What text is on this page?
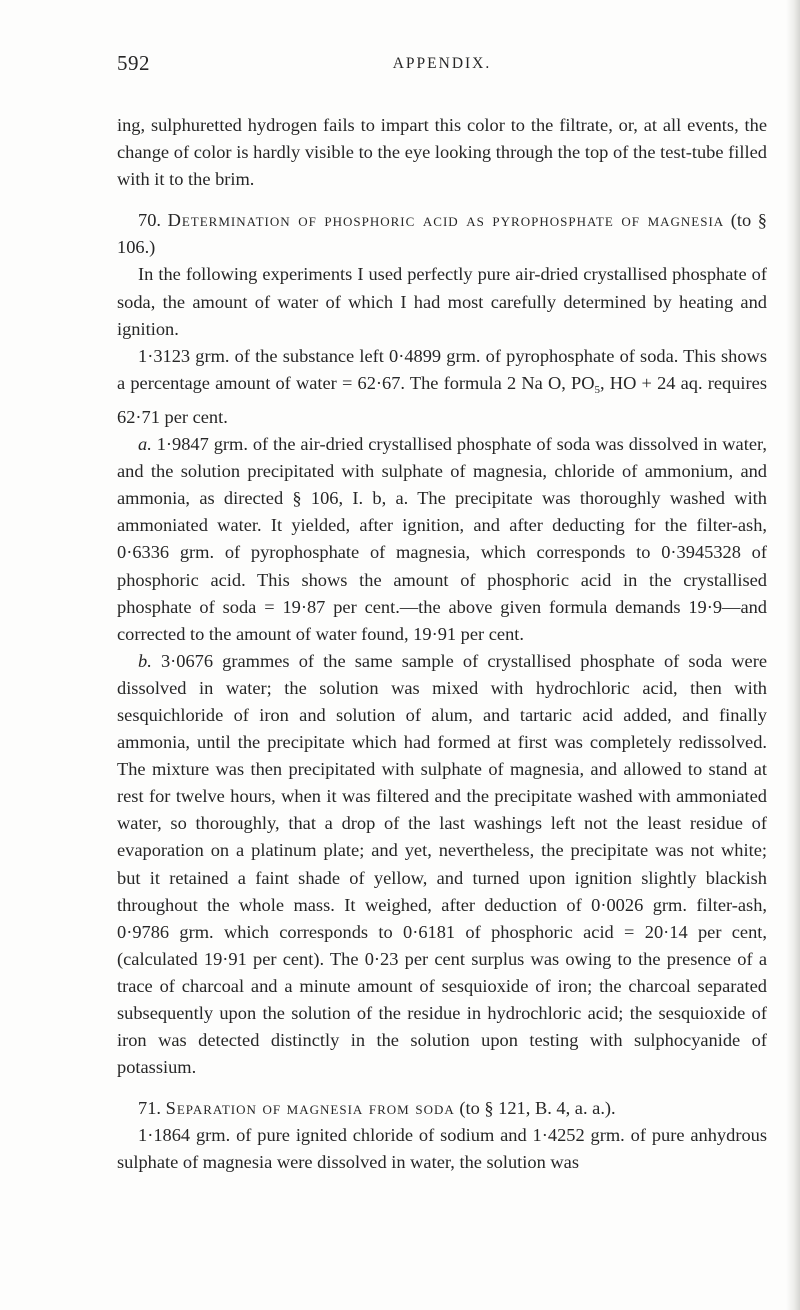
592	APPENDIX.

ing, sulphuretted hydrogen fails to impart this color to the filtrate, or, at all events, the change of color is hardly visible to the eye looking through the top of the test-tube filled with it to the brim.

70. Determination of phosphoric acid as pyrophosphate of magnesia (to § 106.)

In the following experiments I used perfectly pure air-dried crystallised phosphate of soda, the amount of water of which I had most carefully determined by heating and ignition.

1·3123 grm. of the substance left 0·4899 grm. of pyrophosphate of soda. This shows a percentage amount of water = 62·67. The formula 2 Na O, $PO_5$, HO + 24 aq. requires 62·71 per cent.

a. 1·9847 grm. of the air-dried crystallised phosphate of soda was dissolved in water, and the solution precipitated with sulphate of magnesia, chloride of ammonium, and ammonia, as directed § 106, I. b, a. The precipitate was thoroughly washed with ammoniated water. It yielded, after ignition, and after deducting for the filter-ash, 0·6336 grm. of pyrophosphate of magnesia, which corresponds to 0·3945328 of phosphoric acid. This shows the amount of phosphoric acid in the crystallised phosphate of soda = 19·87 per cent.—the above given formula demands 19·9—and corrected to the amount of water found, 19·91 per cent.

b. 3·0676 grammes of the same sample of crystallised phosphate of soda were dissolved in water; the solution was mixed with hydrochloric acid, then with sesquichloride of iron and solution of alum, and tartaric acid added, and finally ammonia, until the precipitate which had formed at first was completely redissolved. The mixture was then precipitated with sulphate of magnesia, and allowed to stand at rest for twelve hours, when it was filtered and the precipitate washed with ammoniated water, so thoroughly, that a drop of the last washings left not the least residue of evaporation on a platinum plate; and yet, nevertheless, the precipitate was not white; but it retained a faint shade of yellow, and turned upon ignition slightly blackish throughout the whole mass. It weighed, after deduction of 0·0026 grm. filter-ash, 0·9786 grm. which corresponds to 0·6181 of phosphoric acid = 20·14 per cent, (calculated 19·91 per cent). The 0·23 per cent surplus was owing to the presence of a trace of charcoal and a minute amount of sesquioxide of iron; the charcoal separated subsequently upon the solution of the residue in hydrochloric acid; the sesquioxide of iron was detected distinctly in the solution upon testing with sulphocyanide of potassium.

71. Separation of magnesia from soda (to § 121, B. 4, a. a.).

1·1864 grm. of pure ignited chloride of sodium and 1·4252 grm. of pure anhydrous sulphate of magnesia were dissolved in water, the solution was
